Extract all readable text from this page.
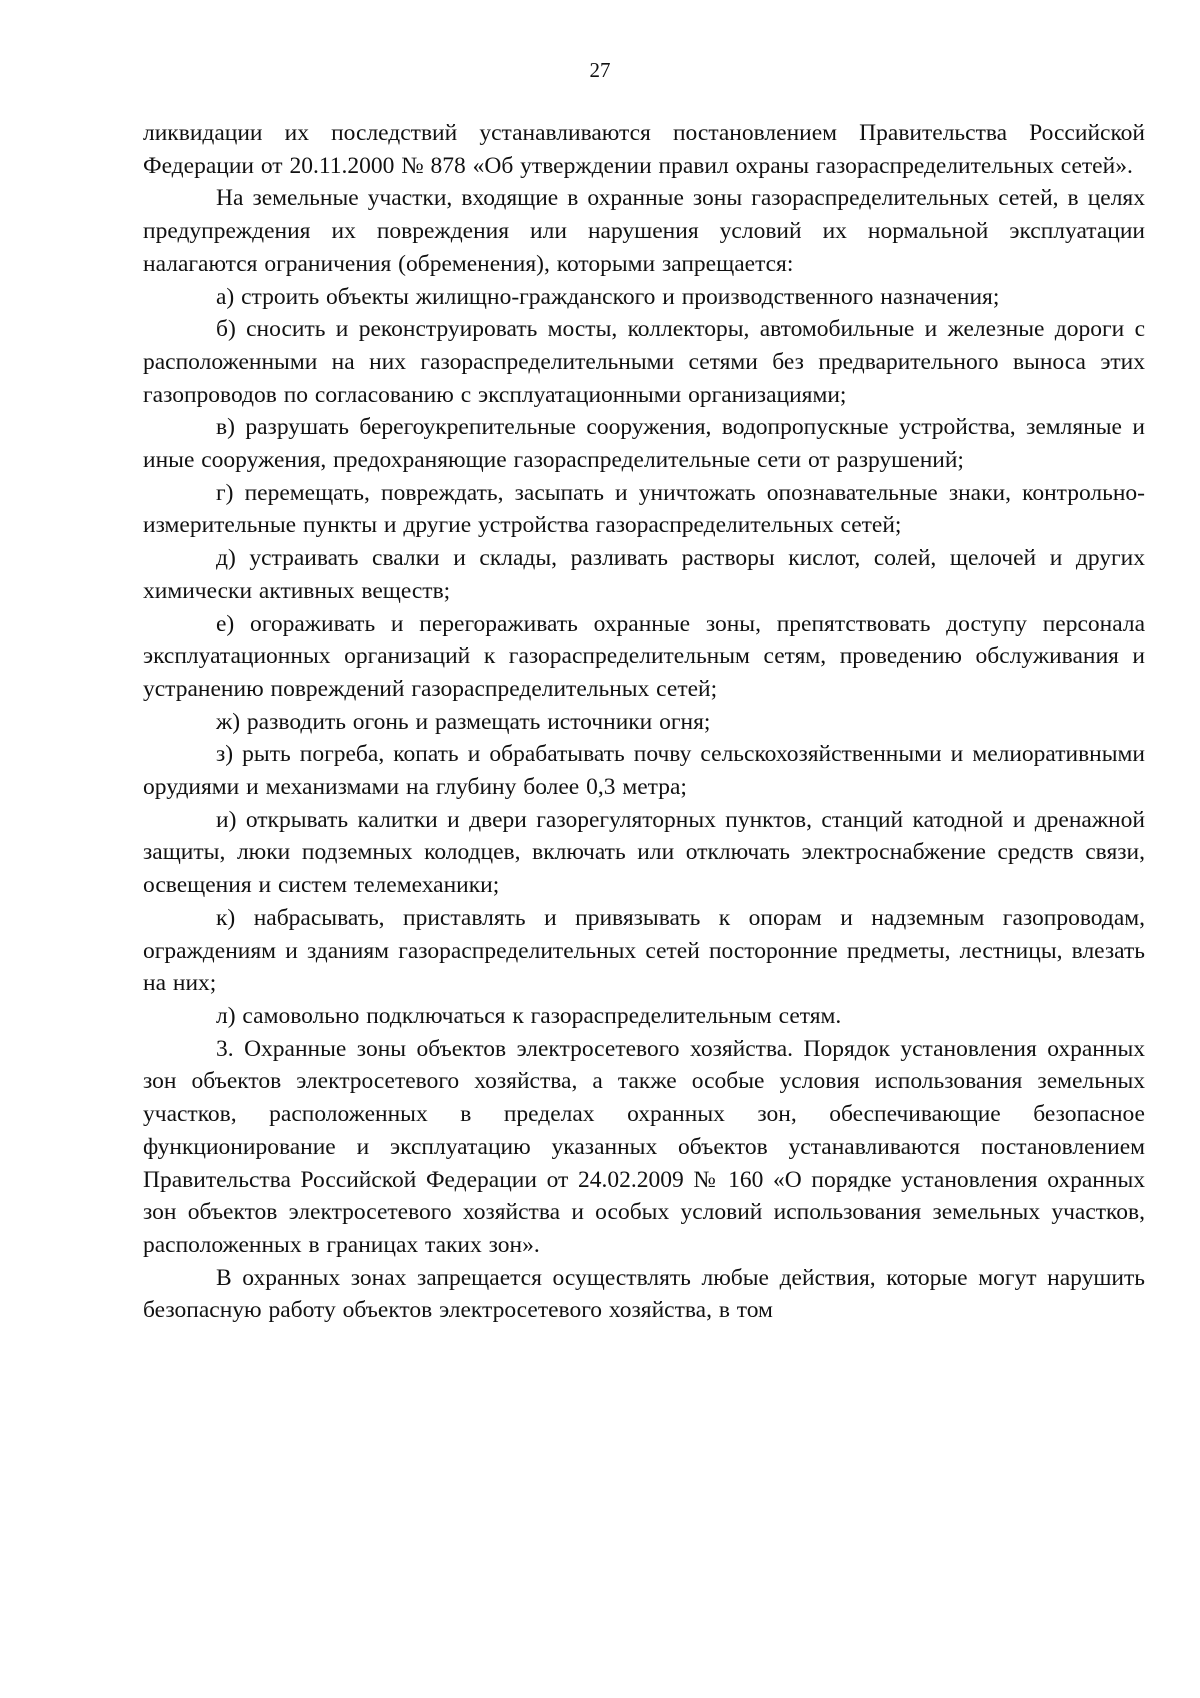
27

ликвидации их последствий устанавливаются постановлением Правительства Российской Федерации от 20.11.2000 № 878 «Об утверждении правил охраны газораспределительных сетей».

На земельные участки, входящие в охранные зоны газораспределительных сетей, в целях предупреждения их повреждения или нарушения условий их нормальной эксплуатации налагаются ограничения (обременения), которыми запрещается:

а) строить объекты жилищно-гражданского и производственного назначения;

б) сносить и реконструировать мосты, коллекторы, автомобильные и железные дороги с расположенными на них газораспределительными сетями без предварительного выноса этих газопроводов по согласованию с эксплуатационными организациями;

в) разрушать берегоукрепительные сооружения, водопропускные устройства, земляные и иные сооружения, предохраняющие газораспределительные сети от разрушений;

г) перемещать, повреждать, засыпать и уничтожать опознавательные знаки, контрольно-измерительные пункты и другие устройства газораспределительных сетей;

д) устраивать свалки и склады, разливать растворы кислот, солей, щелочей и других химически активных веществ;

е) огораживать и перегораживать охранные зоны, препятствовать доступу персонала эксплуатационных организаций к газораспределительным сетям, проведению обслуживания и устранению повреждений газораспределительных сетей;

ж) разводить огонь и размещать источники огня;

з) рыть погреба, копать и обрабатывать почву сельскохозяйственными и мелиоративными орудиями и механизмами на глубину более 0,3 метра;

и) открывать калитки и двери газорегуляторных пунктов, станций катодной и дренажной защиты, люки подземных колодцев, включать или отключать электроснабжение средств связи, освещения и систем телемеханики;

к) набрасывать, приставлять и привязывать к опорам и надземным газопроводам, ограждениям и зданиям газораспределительных сетей посторонние предметы, лестницы, влезать на них;

л) самовольно подключаться к газораспределительным сетям.

3. Охранные зоны объектов электросетевого хозяйства. Порядок установления охранных зон объектов электросетевого хозяйства, а также особые условия использования земельных участков, расположенных в пределах охранных зон, обеспечивающие безопасное функционирование и эксплуатацию указанных объектов устанавливаются постановлением Правительства Российской Федерации от 24.02.2009 № 160 «О порядке установления охранных зон объектов электросетевого хозяйства и особых условий использования земельных участков, расположенных в границах таких зон».

В охранных зонах запрещается осуществлять любые действия, которые могут нарушить безопасную работу объектов электросетевого хозяйства, в том
